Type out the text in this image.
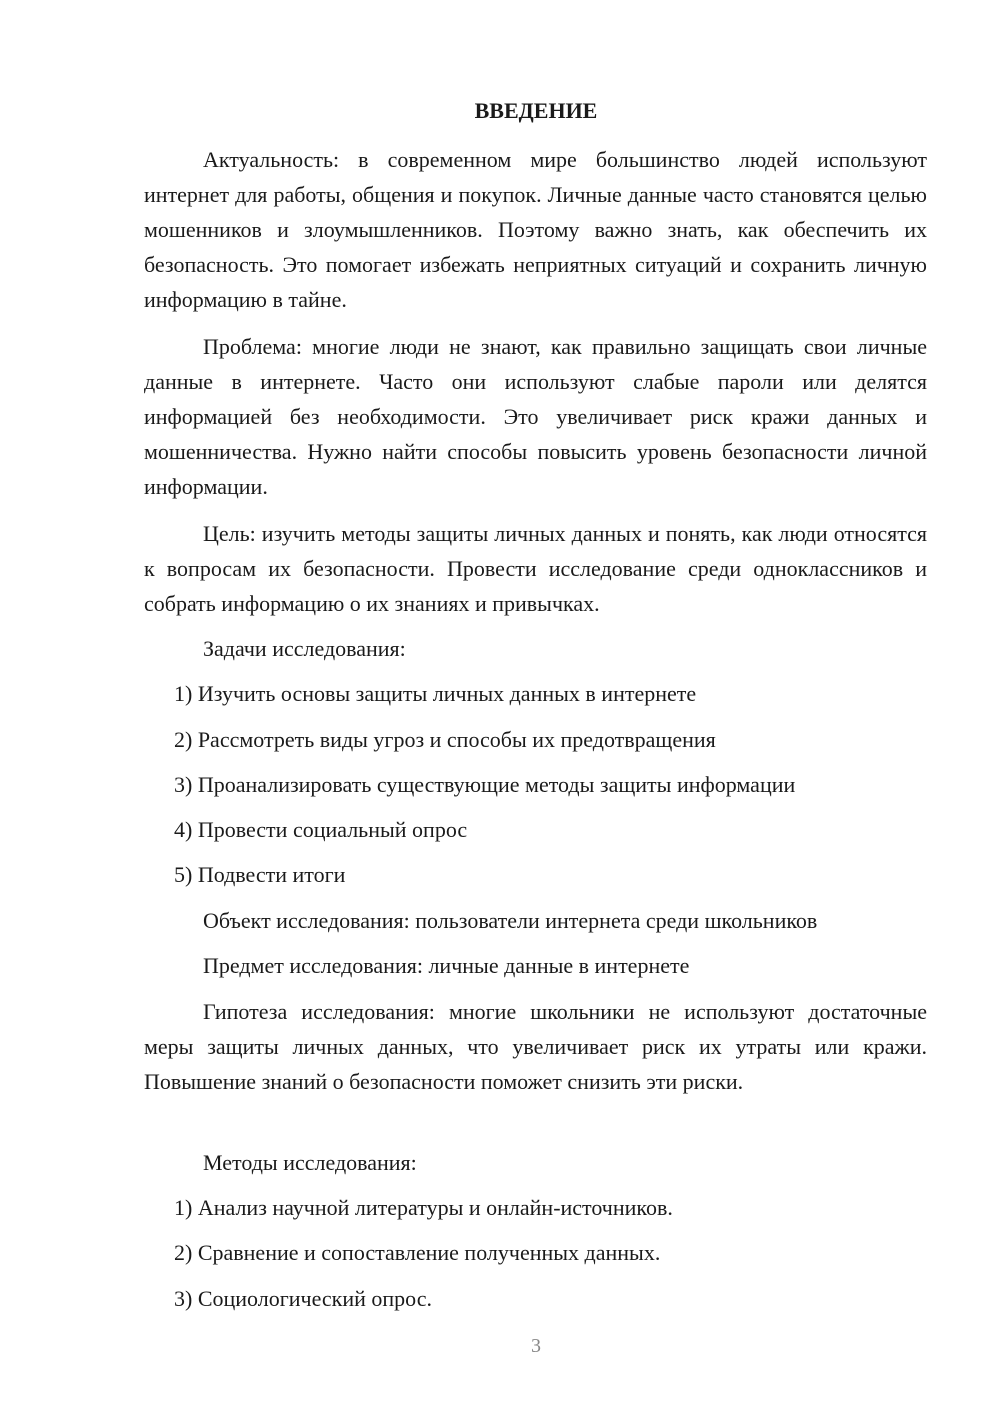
ВВЕДЕНИЕ

Актуальность: в современном мире большинство людей используют интернет для работы, общения и покупок. Личные данные часто становятся целью мошенников и злоумышленников. Поэтому важно знать, как обеспечить их безопасность. Это помогает избежать неприятных ситуаций и сохранить личную информацию в тайне.

Проблема: многие люди не знают, как правильно защищать свои личные данные в интернете. Часто они используют слабые пароли или делятся информацией без необходимости. Это увеличивает риск кражи данных и мошенничества. Нужно найти способы повысить уровень безопасности личной информации.

Цель: изучить методы защиты личных данных и понять, как люди относятся к вопросам их безопасности. Провести исследование среди одноклассников и собрать информацию о их знаниях и привычках.

Задачи исследования:

1) Изучить основы защиты личных данных в интернете

2) Рассмотреть виды угроз и способы их предотвращения

3) Проанализировать существующие методы защиты информации

4) Провести социальный опрос

5) Подвести итоги

Объект исследования: пользователи интернета среди школьников

Предмет исследования: личные данные в интернете

Гипотеза исследования: многие школьники не используют достаточные меры защиты личных данных, что увеличивает риск их утраты или кражи. Повышение знаний о безопасности поможет снизить эти риски.

Методы исследования:

1) Анализ научной литературы и онлайн-источников.

2) Сравнение и сопоставление полученных данных.

3) Социологический опрос.

3
